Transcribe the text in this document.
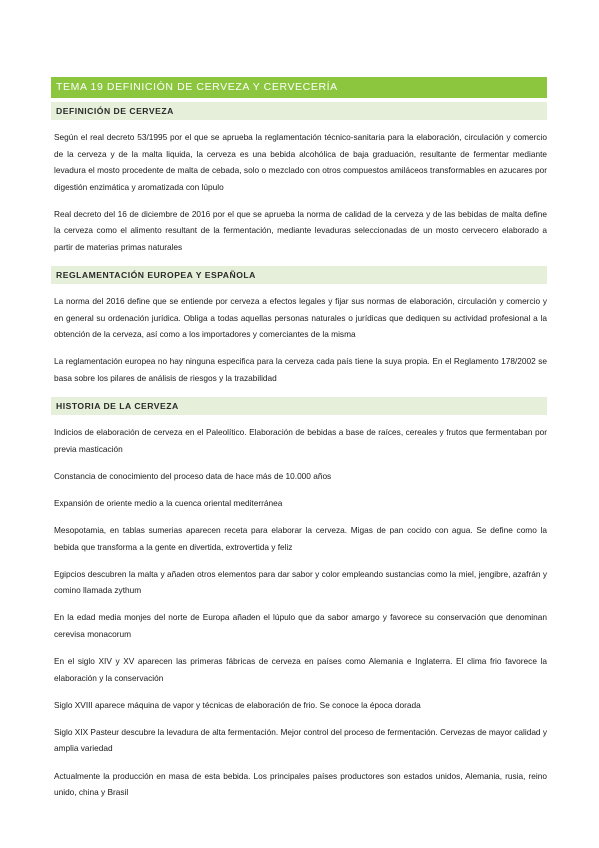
TEMA 19 DEFINICIÓN DE CERVEZA Y CERVECERÍA
DEFINICIÓN DE CERVEZA

Según el real decreto 53/1995 por el que se aprueba la reglamentación técnico-sanitaria para la elaboración, circulación y comercio de la cerveza y de la malta liquida, la cerveza es una bebida alcohólica de baja graduación, resultante de fermentar mediante levadura el mosto procedente de malta de cebada, solo o mezclado con otros compuestos amiláceos transformables en azucares por digestión enzimática y aromatizada con lúpulo

Real decreto del 16 de diciembre de 2016 por el que se aprueba la norma de calidad de la cerveza y de las bebidas de malta define la cerveza como el alimento resultant de la fermentación, mediante levaduras seleccionadas de un mosto cervecero elaborado a partir de materias primas naturales

REGLAMENTACIÓN EUROPEA Y ESPAÑOLA

La norma del 2016 define que se entiende por cerveza a efectos legales y fijar sus normas de elaboración, circulación y comercio y en general su ordenación jurídica. Obliga a todas aquellas personas naturales o jurídicas que dediquen su actividad profesional a la obtención de la cerveza, así como a los importadores y comerciantes de la misma

La reglamentación europea no hay ninguna especifica para la cerveza cada país tiene la suya propia. En el Reglamento 178/2002 se basa sobre los pilares de análisis de riesgos y la trazabilidad

HISTORIA DE LA CERVEZA

Indicios de elaboración de cerveza en el Paleolítico. Elaboración de bebidas a base de raíces, cereales y frutos que fermentaban por previa masticación

Constancia de conocimiento del proceso data de hace más de 10.000 años

Expansión de oriente medio a la cuenca oriental mediterránea

Mesopotamia, en tablas sumerias aparecen receta para elaborar la cerveza. Migas de pan cocido con agua. Se define como la bebida que transforma a la gente en divertida, extrovertida y feliz

Egipcios descubren la malta y añaden otros elementos para dar sabor y color empleando sustancias como la miel, jengibre, azafrán y comino llamada zythum

En la edad media monjes del norte de Europa añaden el lúpulo que da sabor amargo y favorece su conservación que denominan cerevisa monacorum

En el siglo XIV y XV aparecen las primeras fábricas de cerveza en países como Alemania e Inglaterra. El clima frio favorece la elaboración y la conservación

Siglo XVIII aparece máquina de vapor y técnicas de elaboración de frio. Se conoce la época dorada

Siglo XIX Pasteur descubre la levadura de alta fermentación. Mejor control del proceso de fermentación. Cervezas de mayor calidad y amplia variedad

Actualmente la producción en masa de esta bebida. Los principales países productores son estados unidos, Alemania, rusia, reino unido, china y Brasil
